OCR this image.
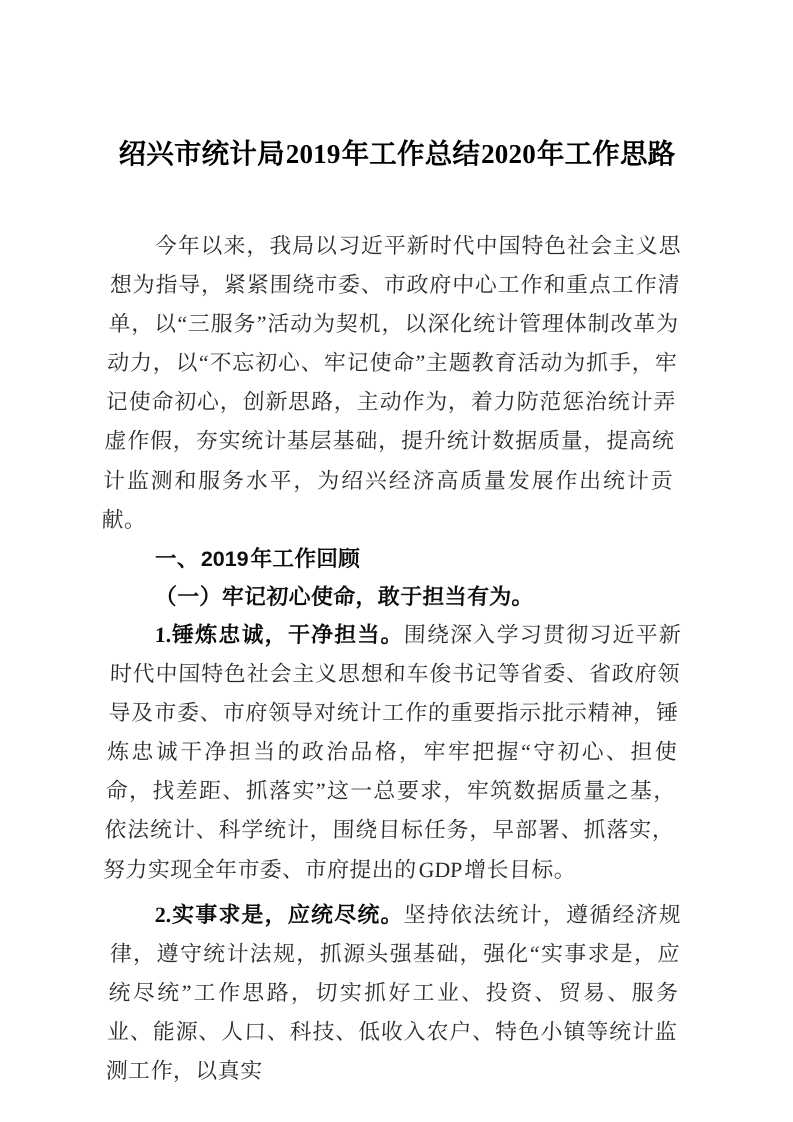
绍兴市统计局2019年工作总结2020年工作思路

今年以来，我局以习近平新时代中国特色社会主义思想为指导，紧紧围绕市委、市政府中心工作和重点工作清单，以“三服务”活动为契机，以深化统计管理体制改革为动力，以“不忘初心、牢记使命”主题教育活动为抓手，牢记使命初心，创新思路，主动作为，着力防范惩治统计弄虚作假，夯实统计基层基础，提升统计数据质量，提高统计监测和服务水平，为绍兴经济高质量发展作出统计贡献。

一、2019年工作回顾

（一）牢记初心使命，敢于担当有为。

1.锤炼忠诚，干净担当。围绕深入学习贯彻习近平新时代中国特色社会主义思想和车俊书记等省委、省政府领导及市委、市府领导对统计工作的重要指示批示精神，锤炼忠诚干净担当的政治品格，牢牢把握“守初心、担使命，找差距、抓落实”这一总要求，牢筑数据质量之基，依法统计、科学统计，围绕目标任务，早部署、抓落实，努力实现全年市委、市府提出的GDP增长目标。

2.实事求是，应统尽统。坚持依法统计，遵循经济规律，遵守统计法规，抓源头强基础，强化“实事求是，应统尽统”工作思路，切实抓好工业、投资、贸易、服务业、能源、人口、科技、低收入农户、特色小镇等统计监测工作，以真实
